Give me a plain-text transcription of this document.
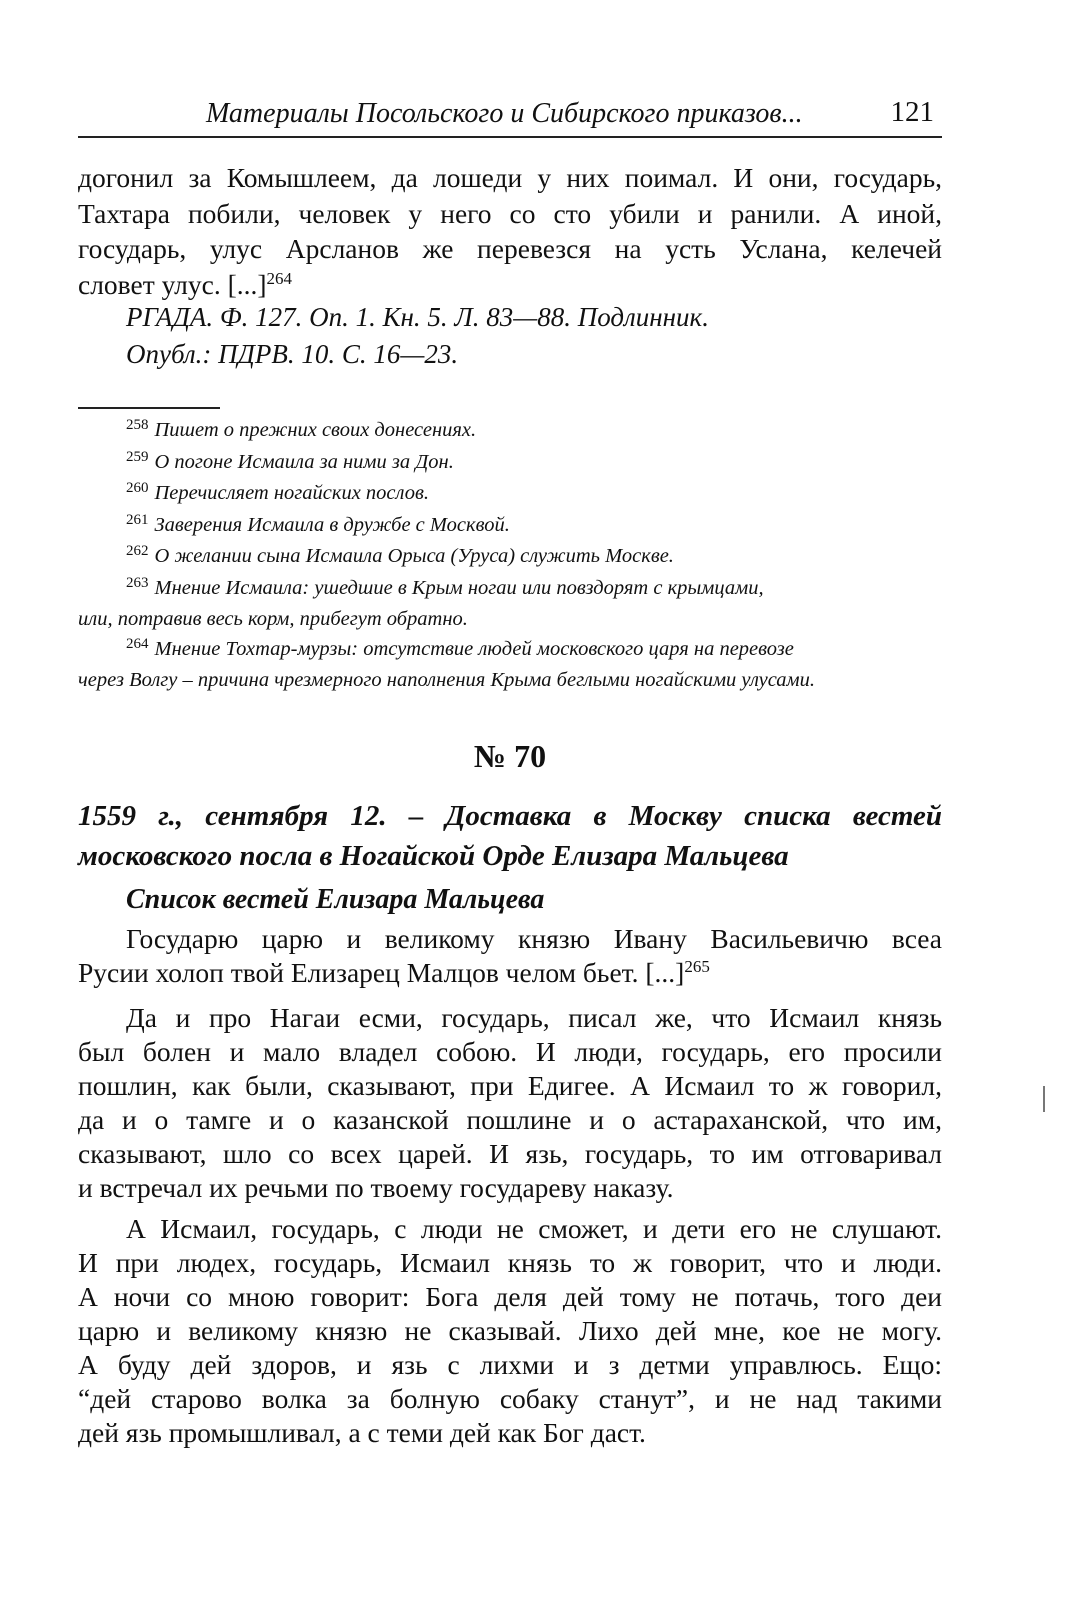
Материалы Посольского и Сибирского приказов...	121
догонил за Комышлеем, да лошеди у них поимал. И они, государь,
Тахтара побили, человек у него со сто убили и ранили. А иной,
государь, улус Арсланов же перевезся на усть Услана, келечей
словет улус. [...]$^{264}$
РГАДА. Ф. 127. Оп. 1. Кн. 5. Л. 83—88. Подлинник.
Опубл.: ПДРВ. 10. С. 16—23.
$^{258}$ Пишет о прежних своих донесениях.
$^{259}$ О погоне Исмаила за ними за Дон.
$^{260}$ Перечисляет ногайских послов.
$^{261}$ Заверения Исмаила в дружбе с Москвой.
$^{262}$ О желании сына Исмаила Орыса (Уруса) служить Москве.
$^{263}$ Мнение Исмаила: ушедшие в Крым ногаи или повздорят с крымцами,
или, потравив весь корм, прибегут обратно.
$^{264}$ Мнение Тохтар-мурзы: отсутствие людей московского царя на перевозе
через Волгу – причина чрезмерного наполнения Крыма беглыми ногайскими улусами.
№ 70
1559 г., сентября 12. – Доставка в Москву списка вестей
московского посла в Ногайской Орде Елизара Мальцева
Список вестей Елизара Мальцева
Государю царю и великому князю Ивану Васильевичю всеа
Русии холоп твой Елизарец Малцов челом бьет. [...]$^{265}$
Да и про Нагаи есми, государь, писал же, что Исмаил князь
был болен и мало владел собою. И люди, государь, его просили
пошлин, как были, сказывают, при Едигее. А Исмаил то ж говорил,
да и о тамге и о казанской пошлине и о астараханской, что им,
сказывают, шло со всех царей. И язь, государь, то им отговаривал
и встречал их речьми по твоему государеву наказу.
А Исмаил, государь, с люди не сможет, и дети его не слушают.
И при людех, государь, Исмаил князь то ж говорит, что и люди.
А ночи со мною говорит: Бога деля дей тому не потачь, того деи
царю и великому князю не сказывай. Лихо дей мне, кое не могу.
А буду дей здоров, и язь с лихми и з детми управлюсь. Ещо:
“дей старово волка за болную собаку станут”, и не над такими
дей язь промышливал, а с теми дей как Бог даст.
